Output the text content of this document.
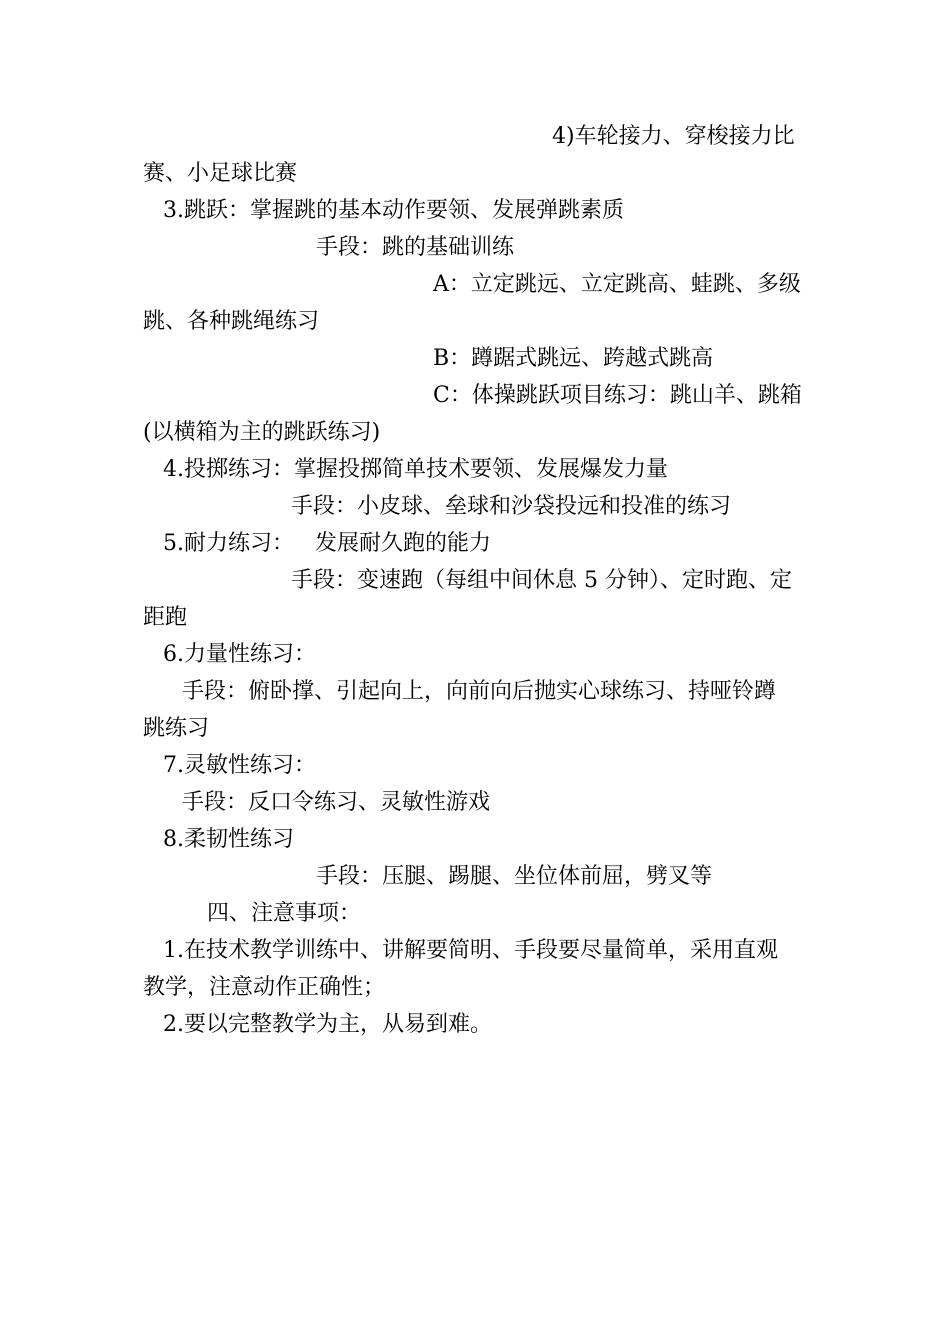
4)车轮接力、穿梭接力比
赛、小足球比赛
3.跳跃：掌握跳的基本动作要领、发展弹跳素质
手段：跳的基础训练
A：立定跳远、立定跳高、蛙跳、多级
跳、各种跳绳练习
B：蹲踞式跳远、跨越式跳高
C：体操跳跃项目练习：跳山羊、跳箱
(以横箱为主的跳跃练习)
4.投掷练习：掌握投掷简单技术要领、发展爆发力量
手段：小皮球、垒球和沙袋投远和投准的练习
5.耐力练习：   发展耐久跑的能力
手段：变速跑（每组中间休息 5 分钟）、定时跑、定
距跑
6.力量性练习：
手段：俯卧撑、引起向上，向前向后抛实心球练习、持哑铃蹲
跳练习
7.灵敏性练习：
手段：反口令练习、灵敏性游戏
8.柔韧性练习
手段：压腿、踢腿、坐位体前屈，劈叉等
四、注意事项：
1.在技术教学训练中、讲解要简明、手段要尽量简单，采用直观
教学，注意动作正确性；
2.要以完整教学为主，从易到难。
